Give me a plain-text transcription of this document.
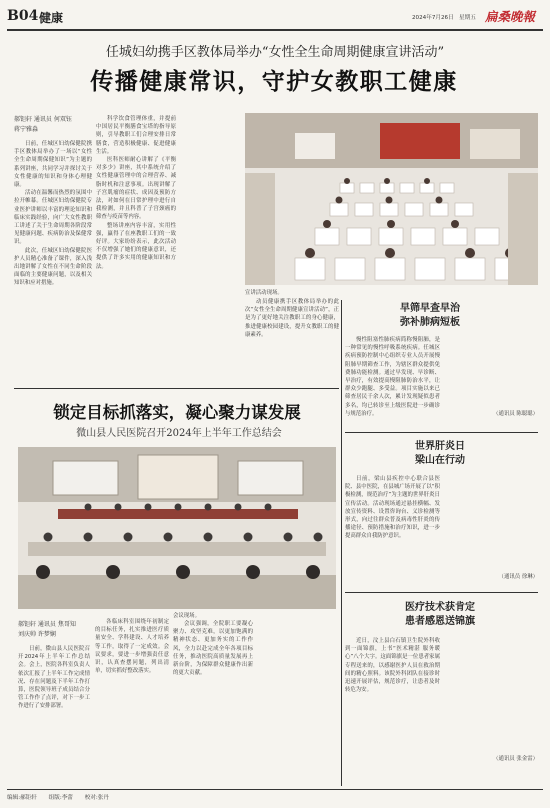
B04 健康	2024年7月26日 星期五 扁桑晚報
任城妇幼携手区教体局举办“女性全生命周期健康宣讲活动”
传播健康常识，守护女教职工健康
郝钜轩 通讯员 何双钰
蒋宁雅淼

日前，任城区妇幼保健院携手区教体局举办了一场以“女性全生命周期保健知识”为主题的系列讲座，共同学习并探讨关于女性健康的知识和身体心理健康。

活动在温馨而热烈的氛围中拉开帷幕。任城区妇幼保健院专业医护讲师以丰富的理论知识和临床实践经验，向广大女性教职工讲述了关于生命周期各阶段常见健康问题、疾病防治及保健常识。

此次，任城区妇幼保健院医护人员精心准备了课件，深入浅出地讲解了女性在不同生命阶段面临的主要健康问题，以及相关知识和应对措施。

科学饮食管理体重，并提前中国居民平衡膳食宝塔的指导原则，引导教职工们合理安排日常膳食，营造积极健康、促进健康生活。

医科医师耐心讲解了《平衡对多少》讲座，其中系统介绍了女性健康管理中的合理营养、减脂时机和注意事项。出现讲解了子宫肌瘤的症状、成因及预防方法，对如何在日常护理中进行自我检测，并且科普了子宫颈癌的筛查与疫苗等内容。

整场讲座内容丰富，实用性强，赢得了在座教职工们的一致好评。大家纷纷表示，此次活动不仅增强了她们的健康意识，还提供了许多实用的健康知识和方法。

宣讲活动现场。
动员健康携手区教体局举办的此次“女性全生命周期健康宣讲活动”，正是为了更好地关注教职工的身心健康，推进健康校园建设，提升女教职工的健康素养。
早筛早查早治
弥补肺病短板
慢性阻塞性肺疾病简称慢阻肺，是一种常见的慢性呼吸系统疾病。任城区疾病预防控制中心组织专业人员开展慢阻肺早期筛查工作，为辖区群众提供免费肺功能检测。通过早发现、早诊断、早治疗，有效提高慢阻肺防治水平，让群众少跑腿、多受益。项目实施以来已筛查居民千余人次，累计发现疑似患者多名，均已转诊至上级医院进一步确诊与规范治疗。	（通讯员 陈聪聪）
锁定目标抓落实，凝心聚力谋发展
微山县人民医院召开2024年上半年工作总结会
郝钜轩 通讯员 焦哥知
刘庆帅 许梦娴
日前，微山县人民医院召开2024年上半年工作总结会。会上，医院各科室负责人依次汇报了上半年工作完成情况、存在问题及下半年工作打算，医院领导班子成员结合分管工作作了点评，对下一步工作进行了安排部署。
各临床科室围绕年初制定的目标任务，扎实推进医疗质量安全、学科建设、人才培养等工作，取得了一定成效。会议要求，要进一步增强责任意识，认真查摆问题，列出清单，切实抓好整改落实。
会议现场。
会议强调，全院职工要凝心聚力、攻坚克难，以更加饱满的精神状态、更加务实的工作作风，全力以赴完成全年各项目标任务，推动医院高质量发展再上新台阶，为保障群众健康作出新的更大贡献。
世界肝炎日
梁山在行动
日前，梁山县疾控中心联合县医院、县中医院，在县城广场开展了以“积极检测，规范治疗”为主题的世界肝炎日宣传活动。活动现场通过悬挂横幅、发放宣传资料、设置咨询台、义诊检测等形式，向过往群众普及病毒性肝炎的传播途径、预防措施和治疗知识，进一步提高群众自我防护意识。
（通讯员 徐琳）
医疗技术获肯定
患者感恩送锦旗
近日，汶上县白石镇卫生院外科收到一面锦旗，上书“医术精湛 服务暖心”八个大字。这面锦旗是一位患者家属专程送来的，以感谢医护人员在救治期间的精心照料。该院外科团队在接诊时迅速开展评估，规范诊疗，让患者及时转危为安。
（通讯员 张金雷）
编辑:郝钜轩 组版:李蕾 校对:张丹
